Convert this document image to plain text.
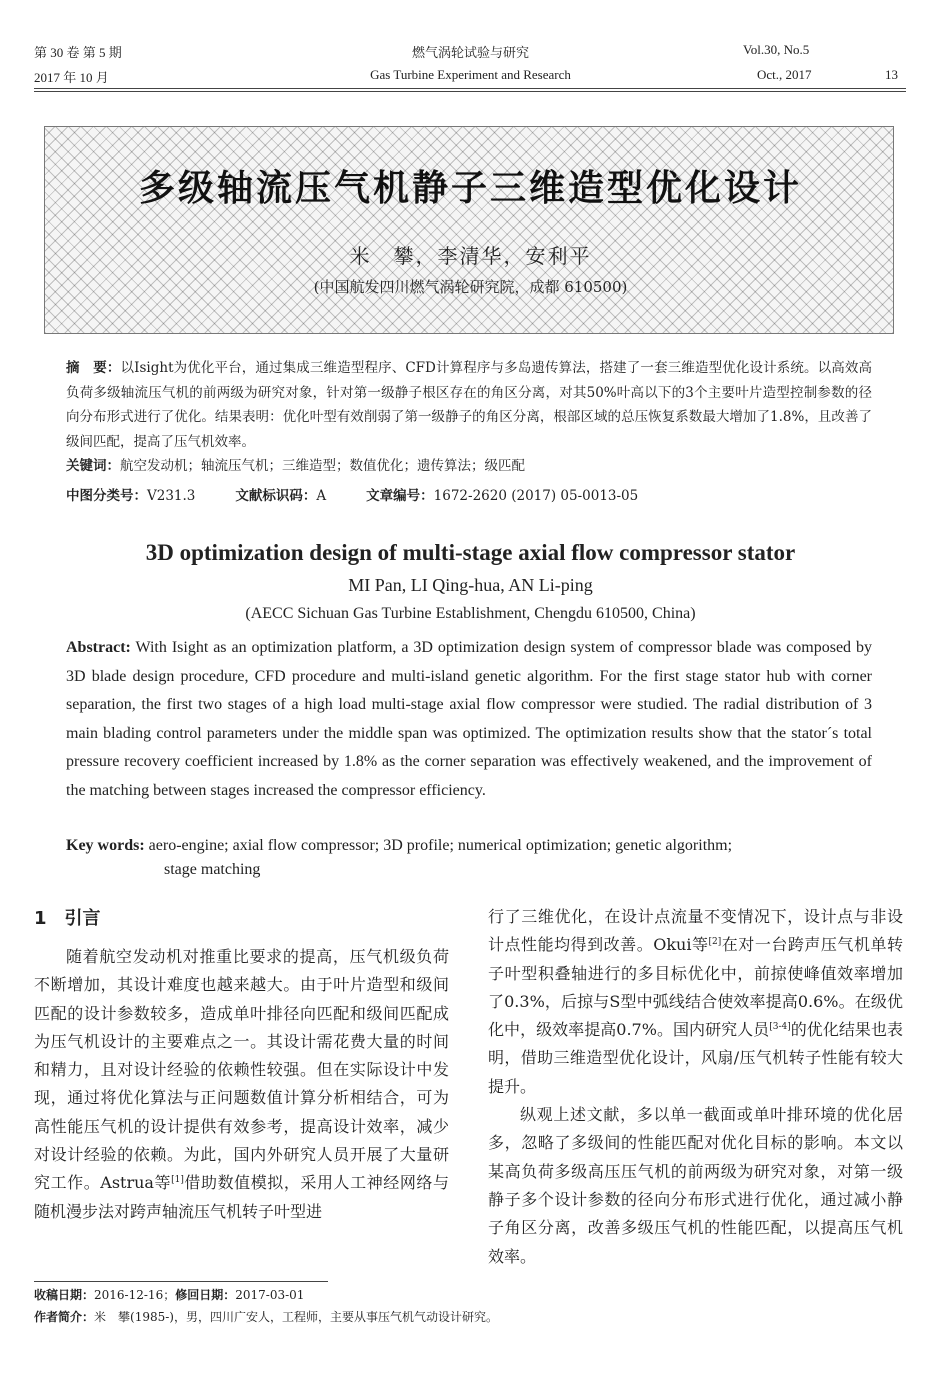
第 30 卷 第 5 期
2017 年 10 月
燃气涡轮试验与研究
Gas Turbine Experiment and Research
Vol.30, No.5
Oct., 2017	13
多级轴流压气机静子三维造型优化设计
米　攀，李清华，安利平
(中国航发四川燃气涡轮研究院，成都 610500)
摘　要：以Isight为优化平台，通过集成三维造型程序、CFD计算程序与多岛遗传算法，搭建了一套三维造型优化设计系统。以高效高负荷多级轴流压气机的前两级为研究对象，针对第一级静子根区存在的角区分离，对其50%叶高以下的3个主要叶片造型控制参数的径向分布形式进行了优化。结果表明：优化叶型有效削弱了第一级静子的角区分离，根部区域的总压恢复系数最大增加了1.8%，且改善了级间匹配，提高了压气机效率。
关键词：航空发动机；轴流压气机；三维造型；数值优化；遗传算法；级匹配
中图分类号：V231.3	文献标识码：A	文章编号：1672-2620 (2017) 05-0013-05
3D optimization design of multi-stage axial flow compressor stator
MI Pan, LI Qing-hua, AN Li-ping
(AECC Sichuan Gas Turbine Establishment, Chengdu 610500, China)
Abstract: With Isight as an optimization platform, a 3D optimization design system of compressor blade was composed by 3D blade design procedure, CFD procedure and multi-island genetic algorithm. For the first stage stator hub with corner separation, the first two stages of a high load multi-stage axial flow compressor were studied. The radial distribution of 3 main blading control parameters under the middle span was optimized. The optimization results show that the stator´s total pressure recovery coefficient increased by 1.8% as the corner separation was effectively weakened, and the improvement of the matching between stages increased the compressor efficiency.
Key words: aero-engine; axial flow compressor; 3D profile; numerical optimization; genetic algorithm;
stage matching
1　引言

随着航空发动机对推重比要求的提高，压气机级负荷不断增加，其设计难度也越来越大。由于叶片造型和级间匹配的设计参数较多，造成单叶排径向匹配和级间匹配成为压气机设计的主要难点之一。其设计需花费大量的时间和精力，且对设计经验的依赖性较强。但在实际设计中发现，通过将优化算法与正问题数值计算分析相结合，可为高性能压气机的设计提供有效参考，提高设计效率，减少对设计经验的依赖。为此，国内外研究人员开展了大量研究工作。Astrua等[1]借助数值模拟，采用人工神经网络与随机漫步法对跨声轴流压气机转子叶型进

行了三维优化，在设计点流量不变情况下，设计点与非设计点性能均得到改善。Okui等[2]在对一台跨声压气机单转子叶型积叠轴进行的多目标优化中，前掠使峰值效率增加了0.3%，后掠与S型中弧线结合使效率提高0.6%。在级优化中，级效率提高0.7%。国内研究人员[3-4]的优化结果也表明，借助三维造型优化设计，风扇/压气机转子性能有较大提升。

纵观上述文献，多以单一截面或单叶排环境的优化居多，忽略了多级间的性能匹配对优化目标的影响。本文以某高负荷多级高压压气机的前两级为研究对象，对第一级静子多个设计参数的径向分布形式进行优化，通过减小静子角区分离，改善多级压气机的性能匹配，以提高压气机效率。

收稿日期：2016-12-16；修回日期：2017-03-01
作者简介：米　攀(1985-)，男，四川广安人，工程师，主要从事压气机气动设计研究。
